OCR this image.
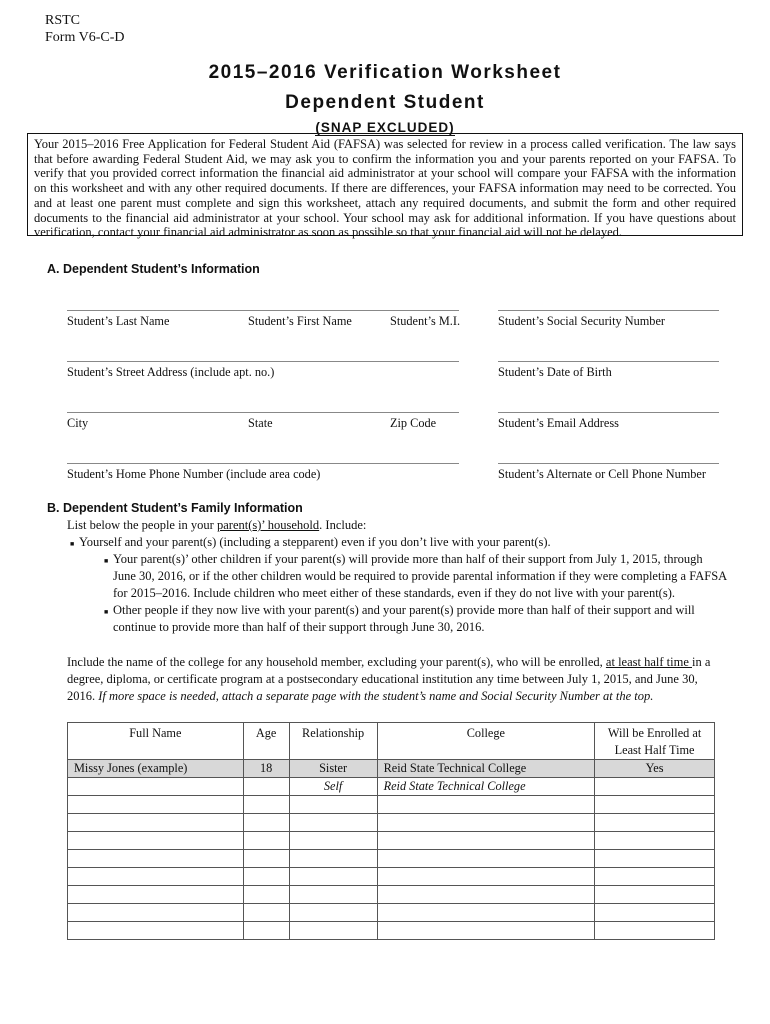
RSTC
Form V6-C-D
2015–2016 Verification Worksheet
Dependent Student
(SNAP EXCLUDED)
Your 2015–2016 Free Application for Federal Student Aid (FAFSA) was selected for review in a process called verification. The law says that before awarding Federal Student Aid, we may ask you to confirm the information you and your parents reported on your FAFSA. To verify that you provided correct information the financial aid administrator at your school will compare your FAFSA with the information on this worksheet and with any other required documents. If there are differences, your FAFSA information may need to be corrected. You and at least one parent must complete and sign this worksheet, attach any required documents, and submit the form and other required documents to the financial aid administrator at your school. Your school may ask for additional information. If you have questions about verification, contact your financial aid administrator as soon as possible so that your financial aid will not be delayed.
A. Dependent Student’s Information
Student’s Last Name	Student’s First Name	Student’s M.I.	Student’s Social Security Number
Student’s Street Address (include apt. no.)	Student’s Date of Birth
City	State	Zip Code	Student’s Email Address
Student’s Home Phone Number (include area code)	Student’s Alternate or Cell Phone Number
B. Dependent Student’s Family Information
List below the people in your parent(s)’ household. Include:
■ Yourself and your parent(s) (including a stepparent) even if you don’t live with your parent(s).
■ Your parent(s)’ other children if your parent(s) will provide more than half of their support from July 1, 2015, through June 30, 2016, or if the other children would be required to provide parental information if they were completing a FAFSA for 2015–2016. Include children who meet either of these standards, even if they do not live with your parent(s).
■ Other people if they now live with your parent(s) and your parent(s) provide more than half of their support and will continue to provide more than half of their support through June 30, 2016.
Include the name of the college for any household member, excluding your parent(s), who will be enrolled, at least half time in a degree, diploma, or certificate program at a postsecondary educational institution any time between July 1, 2015, and June 30, 2016. If more space is needed, attach a separate page with the student’s name and Social Security Number at the top.
Full Name	Age	Relationship	College	Will be Enrolled at Least Half Time
Missy Jones (example)	18	Sister	Reid State Technical College	Yes
		Self	Reid State Technical College	
